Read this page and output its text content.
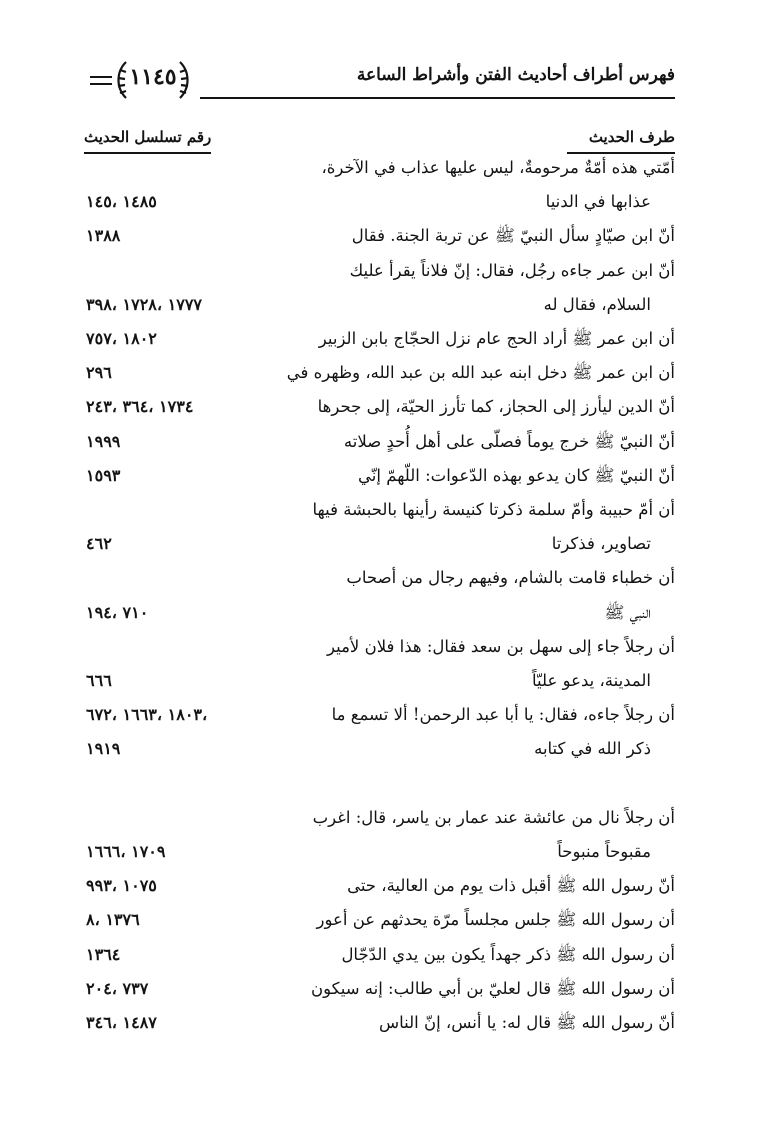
١١٤٥	فهرس أطراف أحاديث الفتن وأشراط الساعة
طرف الحديث
رقم تسلسل الحديث
أمّتي هذه أمّةٌ مرحومةٌ، ليس عليها عذاب في الآخرة،
عذابها في الدنيا
١٤٨٥ ،١٤٥
أنّ ابن صيّادٍ سأل النبيّ ﷺ عن تربة الجنة. فقال
١٣٨٨
أنّ ابن عمر جاءه رجُل، فقال: إنّ فلاناً يقرأ عليك
السلام، فقال له
١٧٧٧ ،١٧٢٨ ،٣٩٨
أن ابن عمر ﷺ أراد الحج عام نزل الحجّاج بابن الزبير
١٨٠٢ ،٧٥٧
أن ابن عمر ﷺ دخل ابنه عبد الله بن عبد الله، وظهره في
٢٩٦
أنّ الدين ليأرز إلى الحجاز، كما تأرز الحيّة، إلى جحرها
١٧٣٤ ،٣٦٤ ،٢٤٣
أنّ النبيّ ﷺ خرج يوماً فصلّى على أهل أُحدٍ صلاته
١٩٩٩
أنّ النبيّ ﷺ كان يدعو بهذه الدّعوات: اللّهمّ إنّي
١٥٩٣
أن أمّ حبيبة وأمّ سلمة ذكرتا كنيسة رأينها بالحبشة فيها
تصاوير، فذكرتا
٤٦٢
أن خطباء قامت بالشام، وفيهم رجال من أصحاب
النبي ﷺ
٧١٠ ،١٩٤
أن رجلاً جاء إلى سهل بن سعد فقال: هذا فلان لأمير
المدينة، يدعو عليّاً
٦٦٦
أن رجلاً جاءه، فقال: يا أبا عبد الرحمن! ألا تسمع ما
ذكر الله في كتابه
،١٨٠٣ ،١٦٦٣ ،٦٧٢
١٩١٩
أن رجلاً نال من عائشة عند عمار بن ياسر، قال: اغرب
مقبوحاً منبوحاً
١٧٠٩ ،١٦٦٦
أنّ رسول الله ﷺ أقبل ذات يوم من العالية، حتى
١٠٧٥ ،٩٩٣
أن رسول الله ﷺ جلس مجلساً مرّة يحدثهم عن أعور
١٣٧٦ ،٨
أن رسول الله ﷺ ذكر جهداً يكون بين يدي الدّجّال
١٣٦٤
أن رسول الله ﷺ قال لعليّ بن أبي طالب: إنه سيكون
٧٣٧ ،٢٠٤
أنّ رسول الله ﷺ قال له: يا أنس، إنّ الناس
١٤٨٧ ،٣٤٦
